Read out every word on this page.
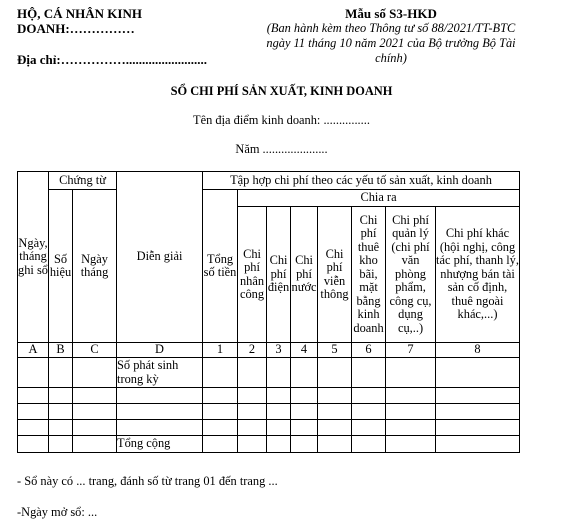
HỘ, CÁ NHÂN KINH
DOANH:……………
Địa chỉ:…………….........................
Mẫu số S3-HKD
(Ban hành kèm theo Thông tư số 88/2021/TT-BTC
ngày 11 tháng 10 năm 2021 của Bộ trưởng Bộ Tài
chính)
SỔ CHI PHÍ SẢN XUẤT, KINH DOANH
Tên địa điểm kinh doanh: ...............
Năm .....................
Ngày, tháng ghi sổ	Chứng từ		Diễn giải	Tập hợp chi phí theo các yếu tố sản xuất, kinh doanh							
	Số hiệu	Ngày tháng		Tổng số tiền	Chia ra						
					Chi phí nhân công	Chi phí điện	Chi phí nước	Chi phí viễn thông	Chi phí thuê kho bãi, mặt bằng kinh doanh	Chi phí quản lý (chi phí văn phòng phẩm, công cụ, dụng cụ,..)	Chi phí khác (hội nghị, công tác phí, thanh lý, nhượng bán tài sản cố định, thuê ngoài khác,...)
A	B	C	D	1	2	3	4	5	6	7	8
			Số phát sinh trong kỳ								

			Tổng cộng								
- Sổ này có ... trang, đánh số từ trang 01 đến trang ...
-Ngày mở sổ: ...
